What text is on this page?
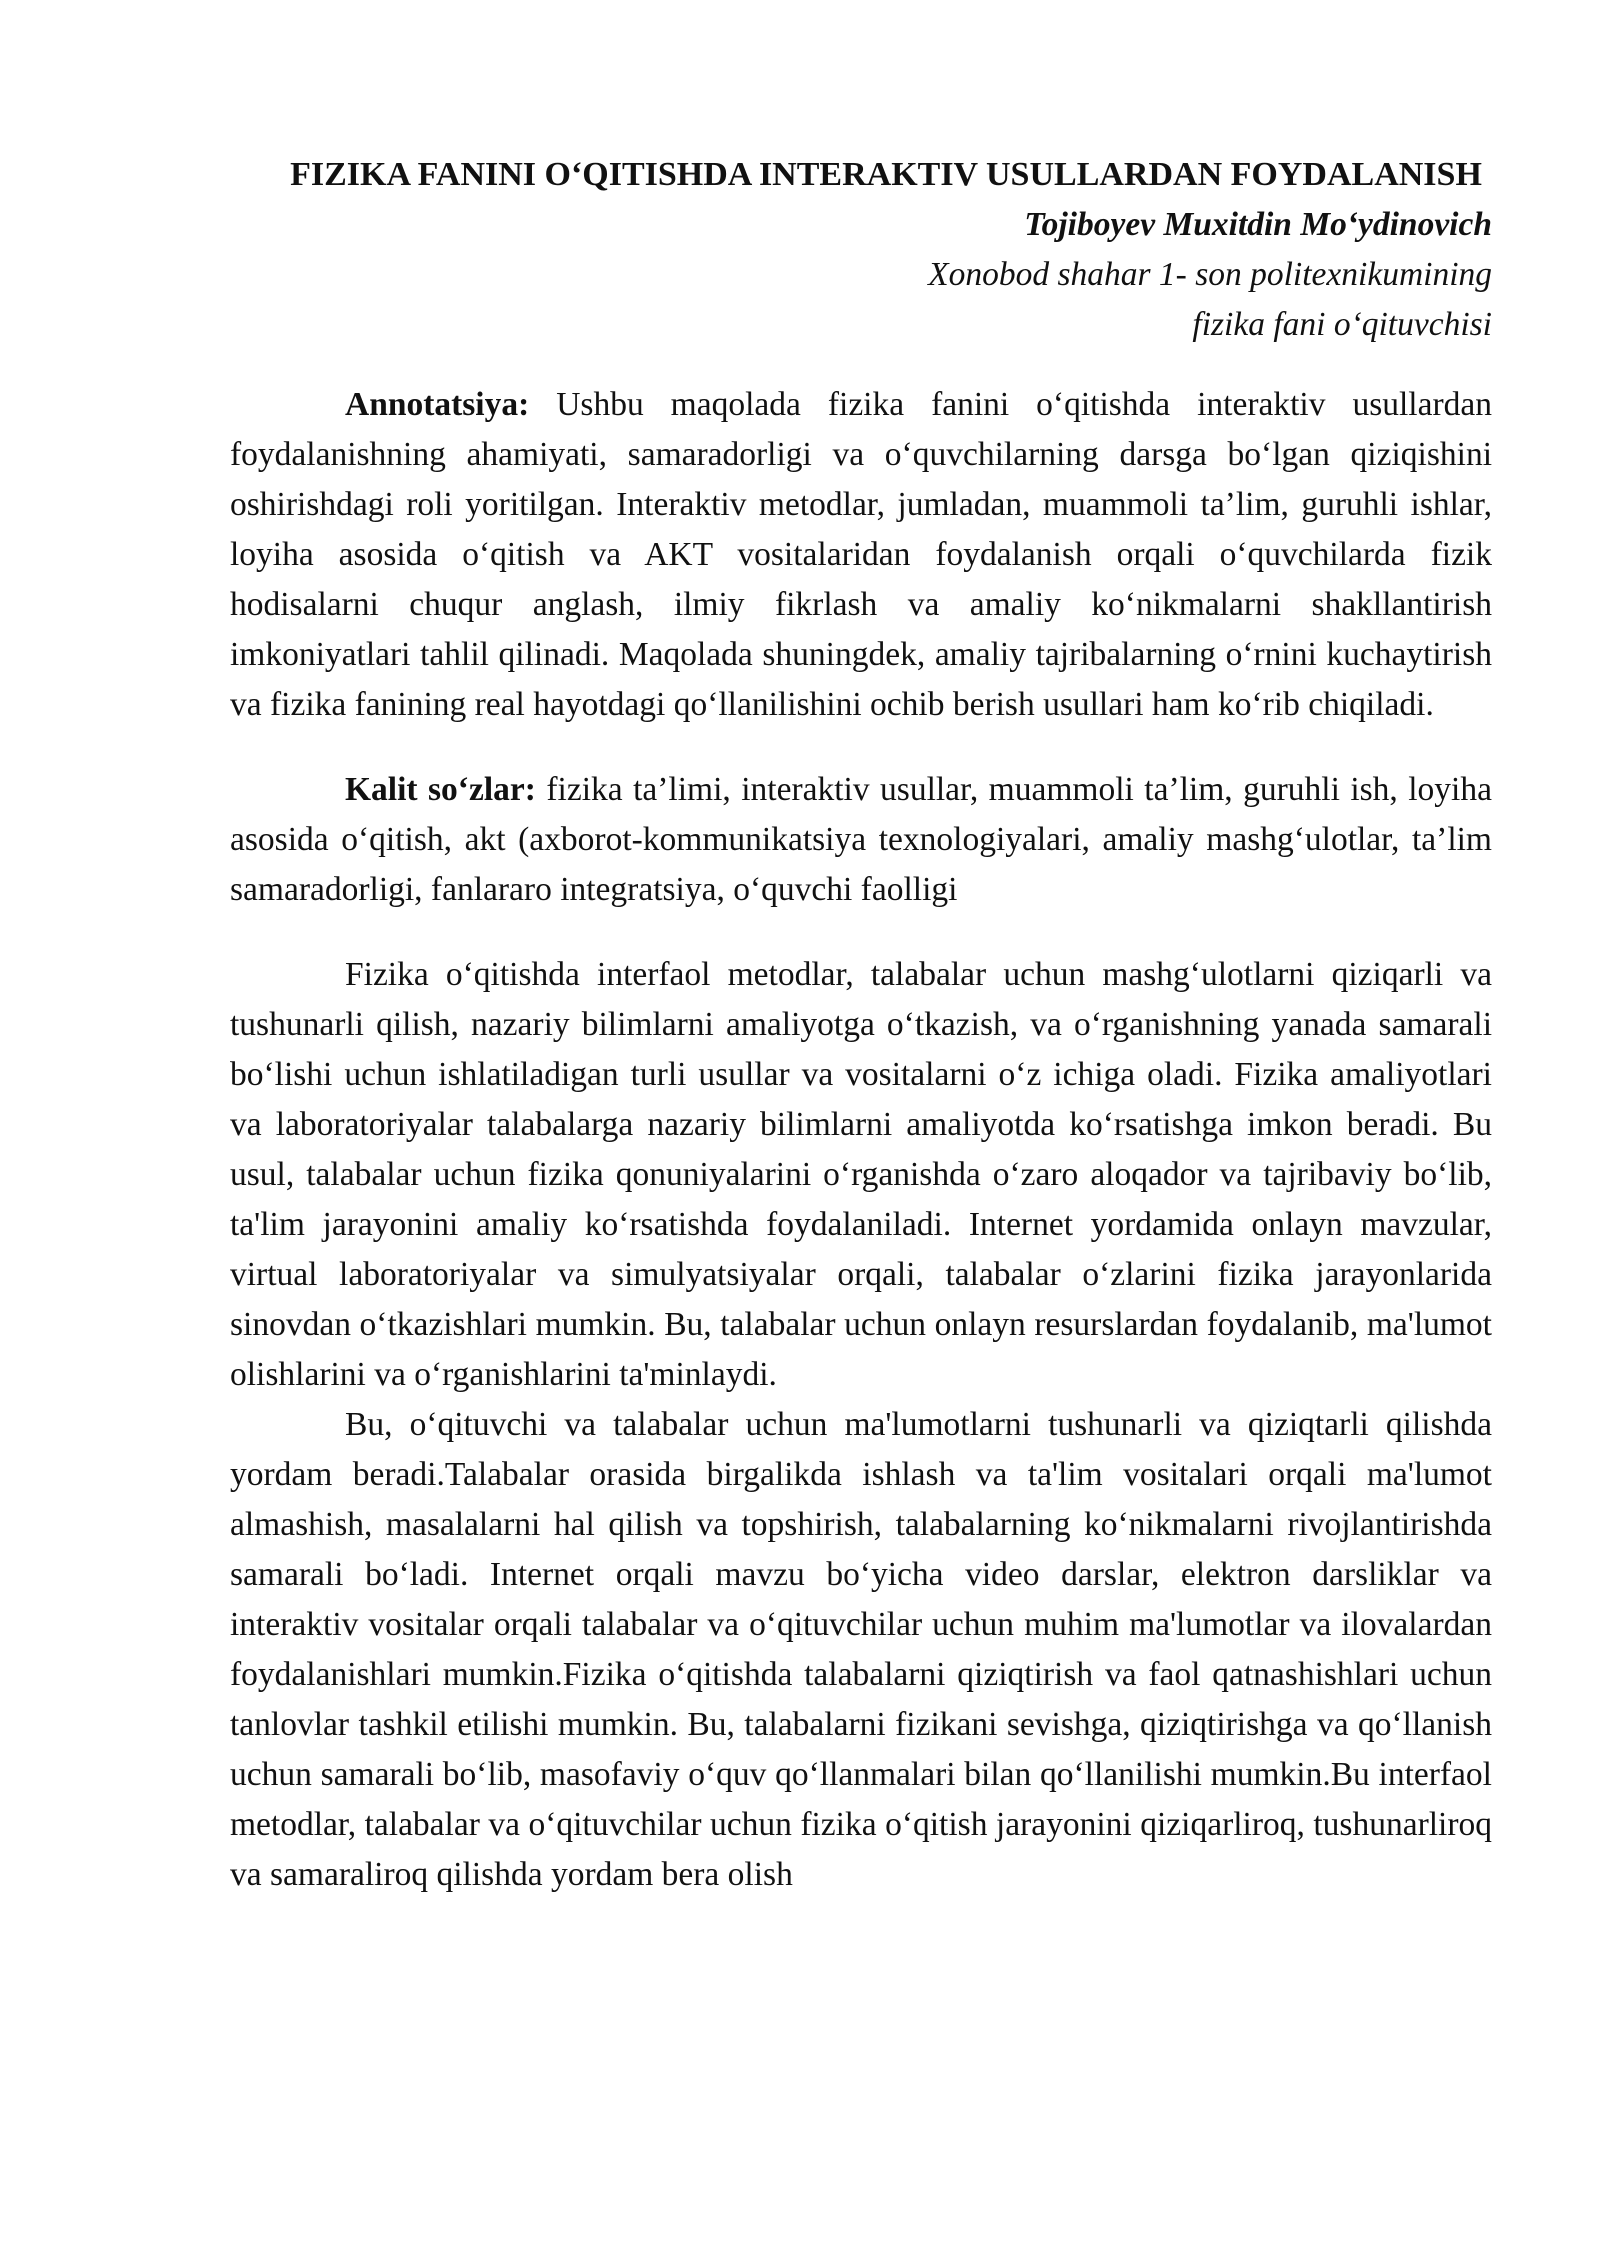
FIZIKA FANINI O‘QITISHDA INTERAKTIV USULLARDAN FOYDALANISH
Tojiboyev Muxitdin Mo‘ydinovich
Xonobod shahar 1- son politexnikumining
fizika fani o‘qituvchisi

Annotatsiya: Ushbu maqolada fizika fanini o‘qitishda interaktiv usullardan foydalanishning ahamiyati, samaradorligi va o‘quvchilarning darsga bo‘lgan qiziqishini oshirishdagi roli yoritilgan. Interaktiv metodlar, jumladan, muammoli ta’lim, guruhli ishlar, loyiha asosida o‘qitish va AKT vositalaridan foydalanish orqali o‘quvchilarda fizik hodisalarni chuqur anglash, ilmiy fikrlash va amaliy ko‘nikmalarni shakllantirish imkoniyatlari tahlil qilinadi. Maqolada shuningdek, amaliy tajribalarning o‘rnini kuchaytirish va fizika fanining real hayotdagi qo‘llanilishini ochib berish usullari ham ko‘rib chiqiladi.

Kalit so‘zlar: fizika ta’limi, interaktiv usullar, muammoli ta’lim, guruhli ish, loyiha asosida o‘qitish, akt (axborot-kommunikatsiya texnologiyalari, amaliy mashg‘ulotlar, ta’lim samaradorligi, fanlararo integratsiya, o‘quvchi faolligi

Fizika o‘qitishda interfaol metodlar, talabalar uchun mashg‘ulotlarni qiziqarli va tushunarli qilish, nazariy bilimlarni amaliyotga o‘tkazish, va o‘rganishning yanada samarali bo‘lishi uchun ishlatiladigan turli usullar va vositalarni o‘z ichiga oladi. Fizika amaliyotlari va laboratoriyalar talabalarga nazariy bilimlarni amaliyotda ko‘rsatishga imkon beradi. Bu usul, talabalar uchun fizika qonuniyalarini o‘rganishda o‘zaro aloqador va tajribaviy bo‘lib, ta'lim jarayonini amaliy ko‘rsatishda foydalaniladi. Internet yordamida onlayn mavzular, virtual laboratoriyalar va simulyatsiyalar orqali, talabalar o‘zlarini fizika jarayonlarida sinovdan o‘tkazishlari mumkin. Bu, talabalar uchun onlayn resurslardan foydalanib, ma'lumot olishlarini va o‘rganishlarini ta'minlaydi.

Bu, o‘qituvchi va talabalar uchun ma'lumotlarni tushunarli va qiziqtarli qilishda yordam beradi.Talabalar orasida birgalikda ishlash va ta'lim vositalari orqali ma'lumot almashish, masalalarni hal qilish va topshirish, talabalarning ko‘nikmalarni rivojlantirishda samarali bo‘ladi. Internet orqali mavzu bo‘yicha video darslar, elektron darsliklar va interaktiv vositalar orqali talabalar va o‘qituvchilar uchun muhim ma'lumotlar va ilovalardan foydalanishlari mumkin.Fizika o‘qitishda talabalarni qiziqtirish va faol qatnashishlari uchun tanlovlar tashkil etilishi mumkin. Bu, talabalarni fizikani sevishga, qiziqtirishga va qo‘llanish uchun samarali bo‘lib, masofaviy o‘quv qo‘llanmalari bilan qo‘llanilishi mumkin.Bu interfaol metodlar, talabalar va o‘qituvchilar uchun fizika o‘qitish jarayonini qiziqarliroq, tushunarliroq va samaraliroq qilishda yordam bera olish
